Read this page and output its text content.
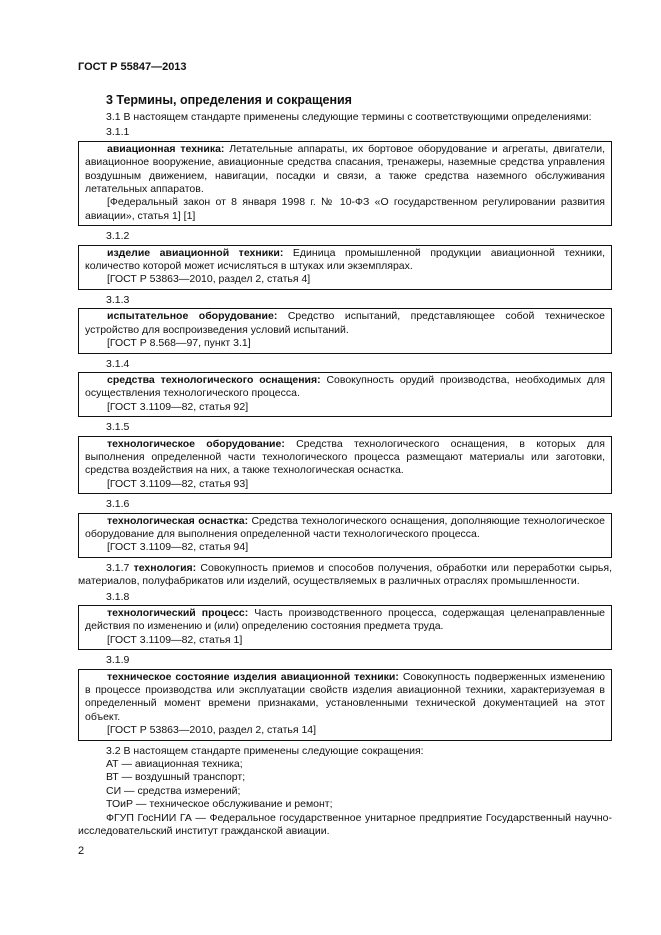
ГОСТ Р 55847—2013
3 Термины, определения и сокращения

3.1 В настоящем стандарте применены следующие термины с соответствующими определениями:

3.1.1

авиационная техника: Летательные аппараты, их бортовое оборудование и агрегаты, двигатели, авиационное вооружение, авиационные средства спасания, тренажеры, наземные средства управления воздушным движением, навигации, посадки и связи, а также средства наземного обслуживания летательных аппаратов.

[Федеральный закон от 8 января 1998 г. № 10-ФЗ «О государственном регулировании развития авиации», статья 1] [1]

3.1.2

изделие авиационной техники: Единица промышленной продукции авиационной техники, количество которой может исчисляться в штуках или экземплярах.

[ГОСТ Р 53863—2010, раздел 2, статья 4]

3.1.3

испытательное оборудование: Средство испытаний, представляющее собой техническое устройство для воспроизведения условий испытаний.

[ГОСТ Р 8.568—97, пункт 3.1]

3.1.4

средства технологического оснащения: Совокупность орудий производства, необходимых для осуществления технологического процесса.

[ГОСТ 3.1109—82, статья 92]

3.1.5

технологическое оборудование: Средства технологического оснащения, в которых для выполнения определенной части технологического процесса размещают материалы или заготовки, средства воздействия на них, а также технологическая оснастка.

[ГОСТ 3.1109—82, статья 93]

3.1.6

технологическая оснастка: Средства технологического оснащения, дополняющие технологическое оборудование для выполнения определенной части технологического процесса.

[ГОСТ 3.1109—82, статья 94]

3.1.7 технология: Совокупность приемов и способов получения, обработки или переработки сырья, материалов, полуфабрикатов или изделий, осуществляемых в различных отраслях промышленности.

3.1.8

технологический процесс: Часть производственного процесса, содержащая целенаправленные действия по изменению и (или) определению состояния предмета труда.

[ГОСТ 3.1109—82, статья 1]

3.1.9

техническое состояние изделия авиационной техники: Совокупность подверженных изменению в процессе производства или эксплуатации свойств изделия авиационной техники, характеризуемая в определенный момент времени признаками, установленными технической документацией на этот объект.

[ГОСТ Р 53863—2010, раздел 2, статья 14]

3.2 В настоящем стандарте применены следующие сокращения:

АТ — авиационная техника;

ВТ — воздушный транспорт;

СИ — средства измерений;

ТОиР — техническое обслуживание и ремонт;

ФГУП ГосНИИ ГА — Федеральное государственное унитарное предприятие Государственный научно-исследовательский институт гражданской авиации.

2
